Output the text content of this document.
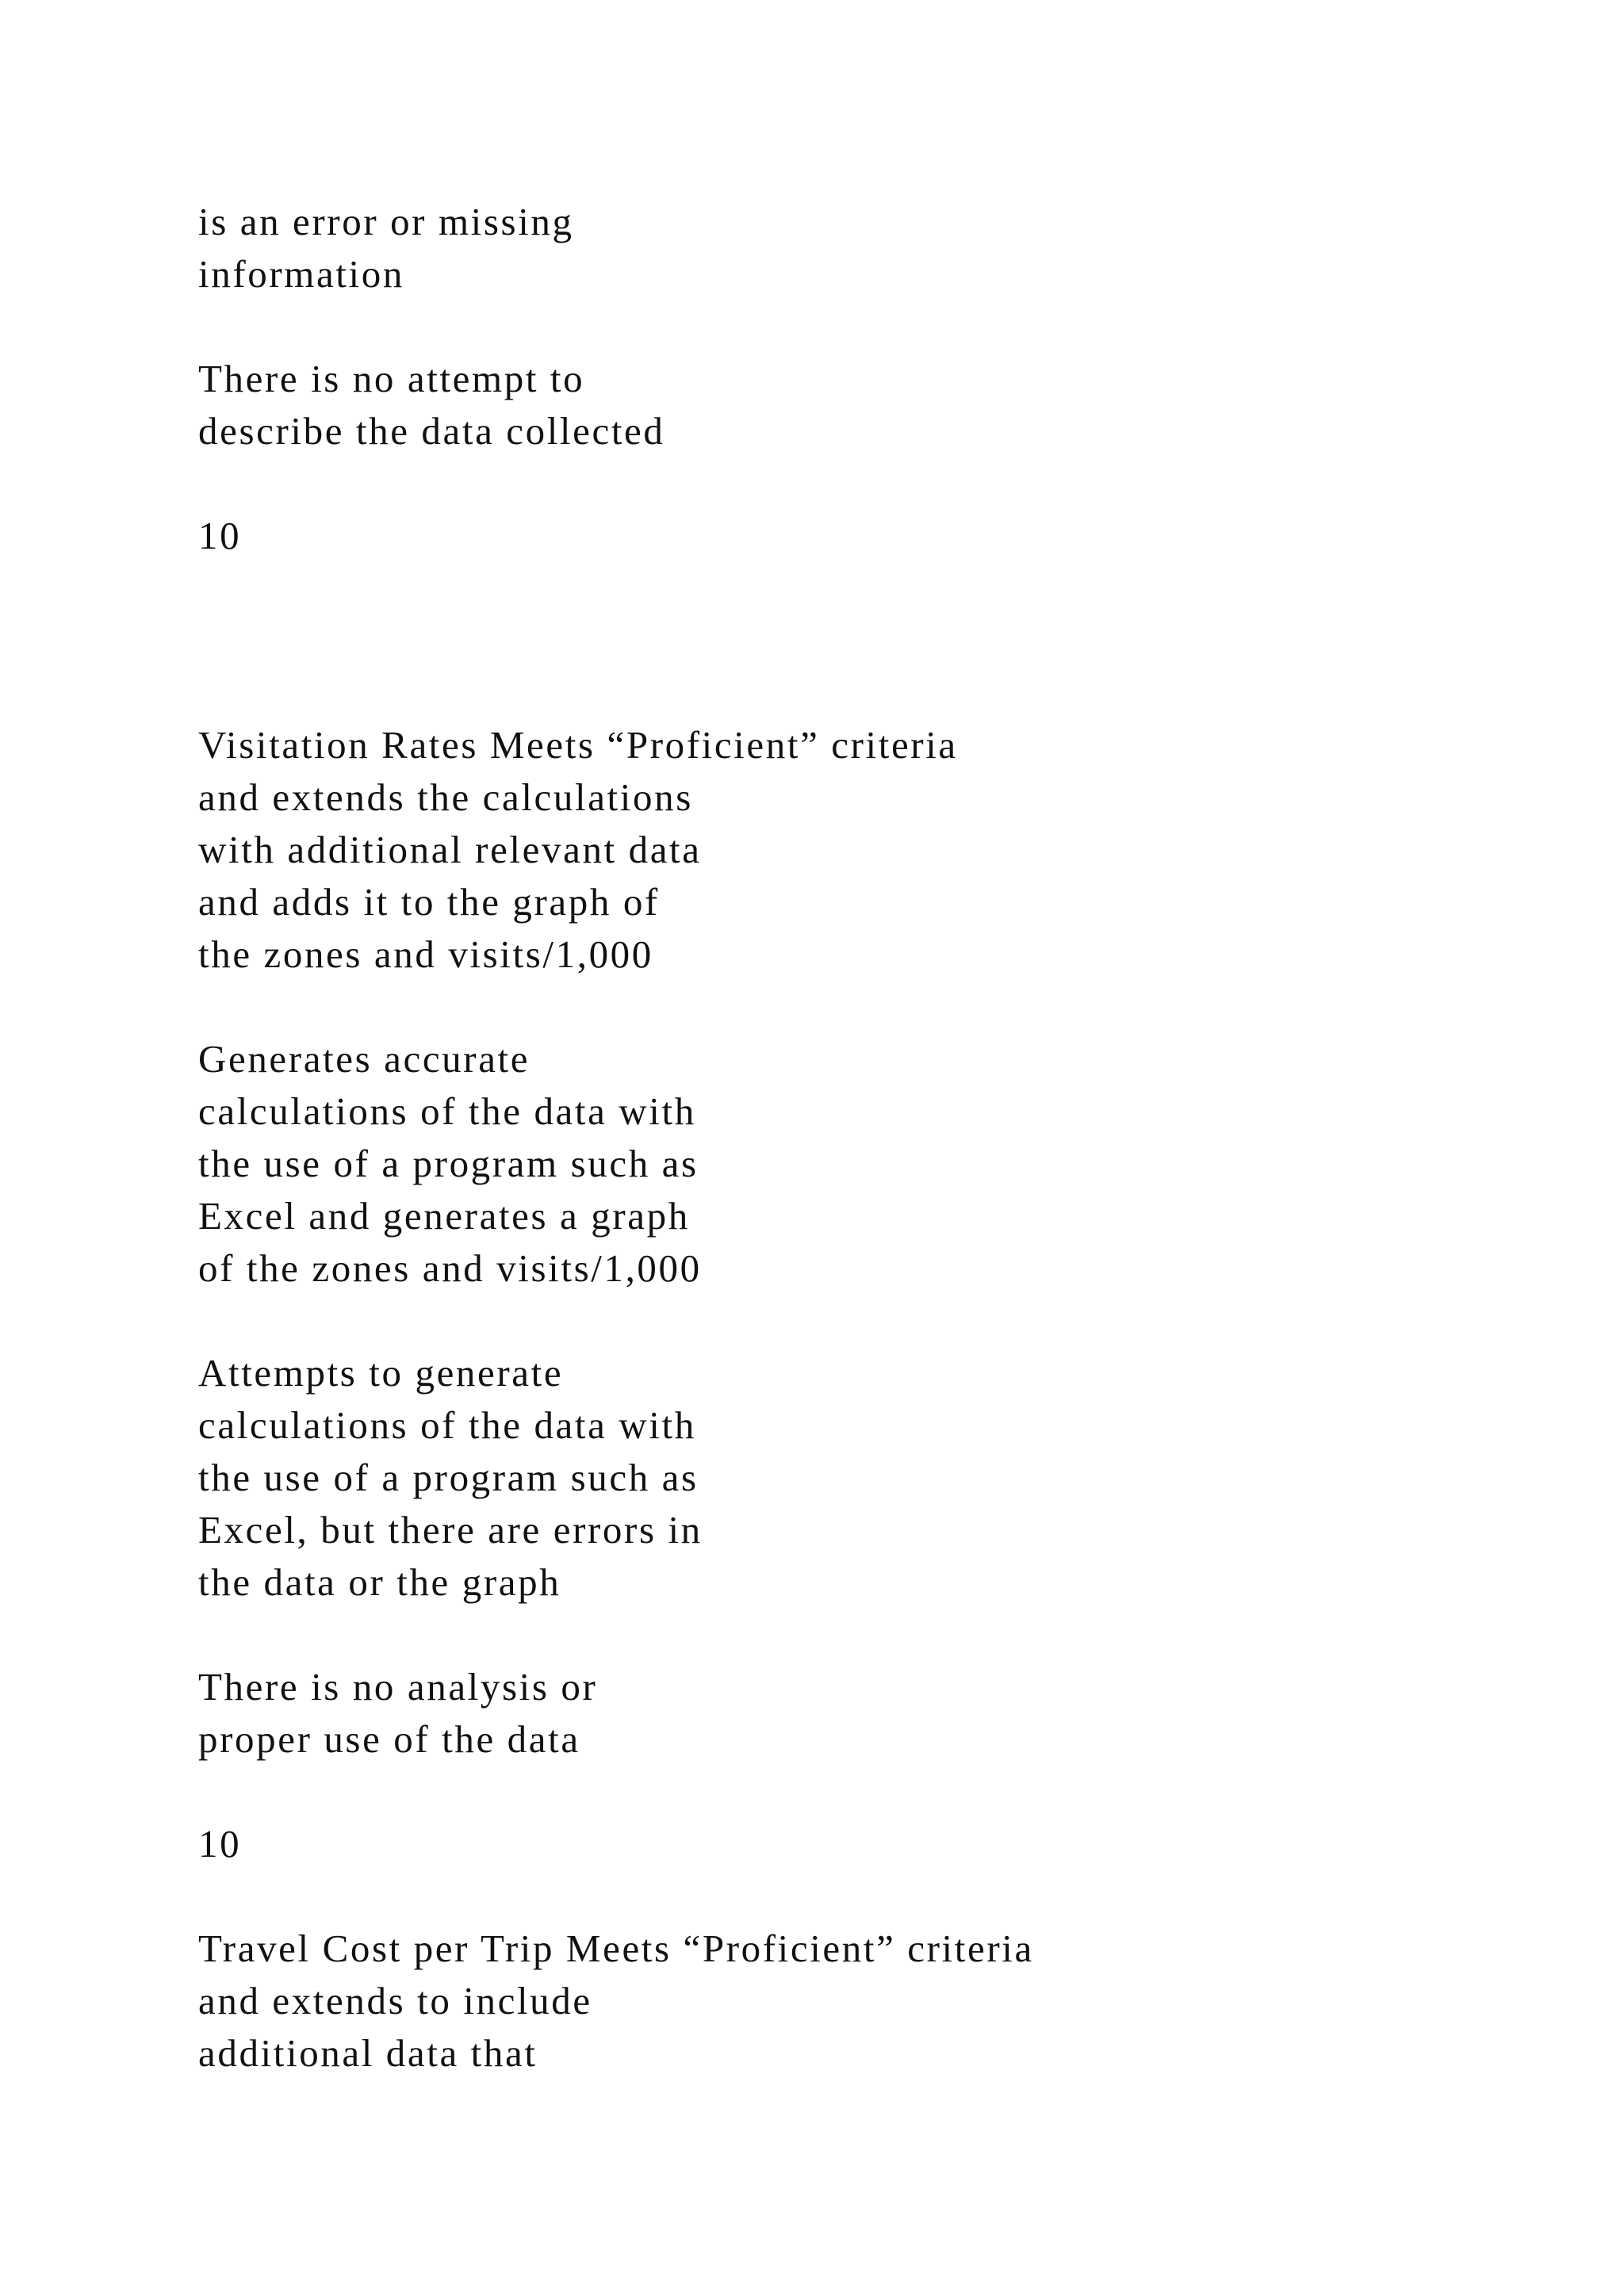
is an error or missing

information

There is no attempt to

describe the data collected

10

Visitation Rates Meets “Proficient” criteria

and extends the calculations

with additional relevant data

and adds it to the graph of

the zones and visits/1,000

Generates accurate

calculations of the data with

the use of a program such as

Excel and generates a graph

of the zones and visits/1,000

Attempts to generate

calculations of the data with

the use of a program such as

Excel, but there are errors in

the data or the graph

There is no analysis or

proper use of the data

10

Travel Cost per Trip Meets “Proficient” criteria

and extends to include

additional data that
